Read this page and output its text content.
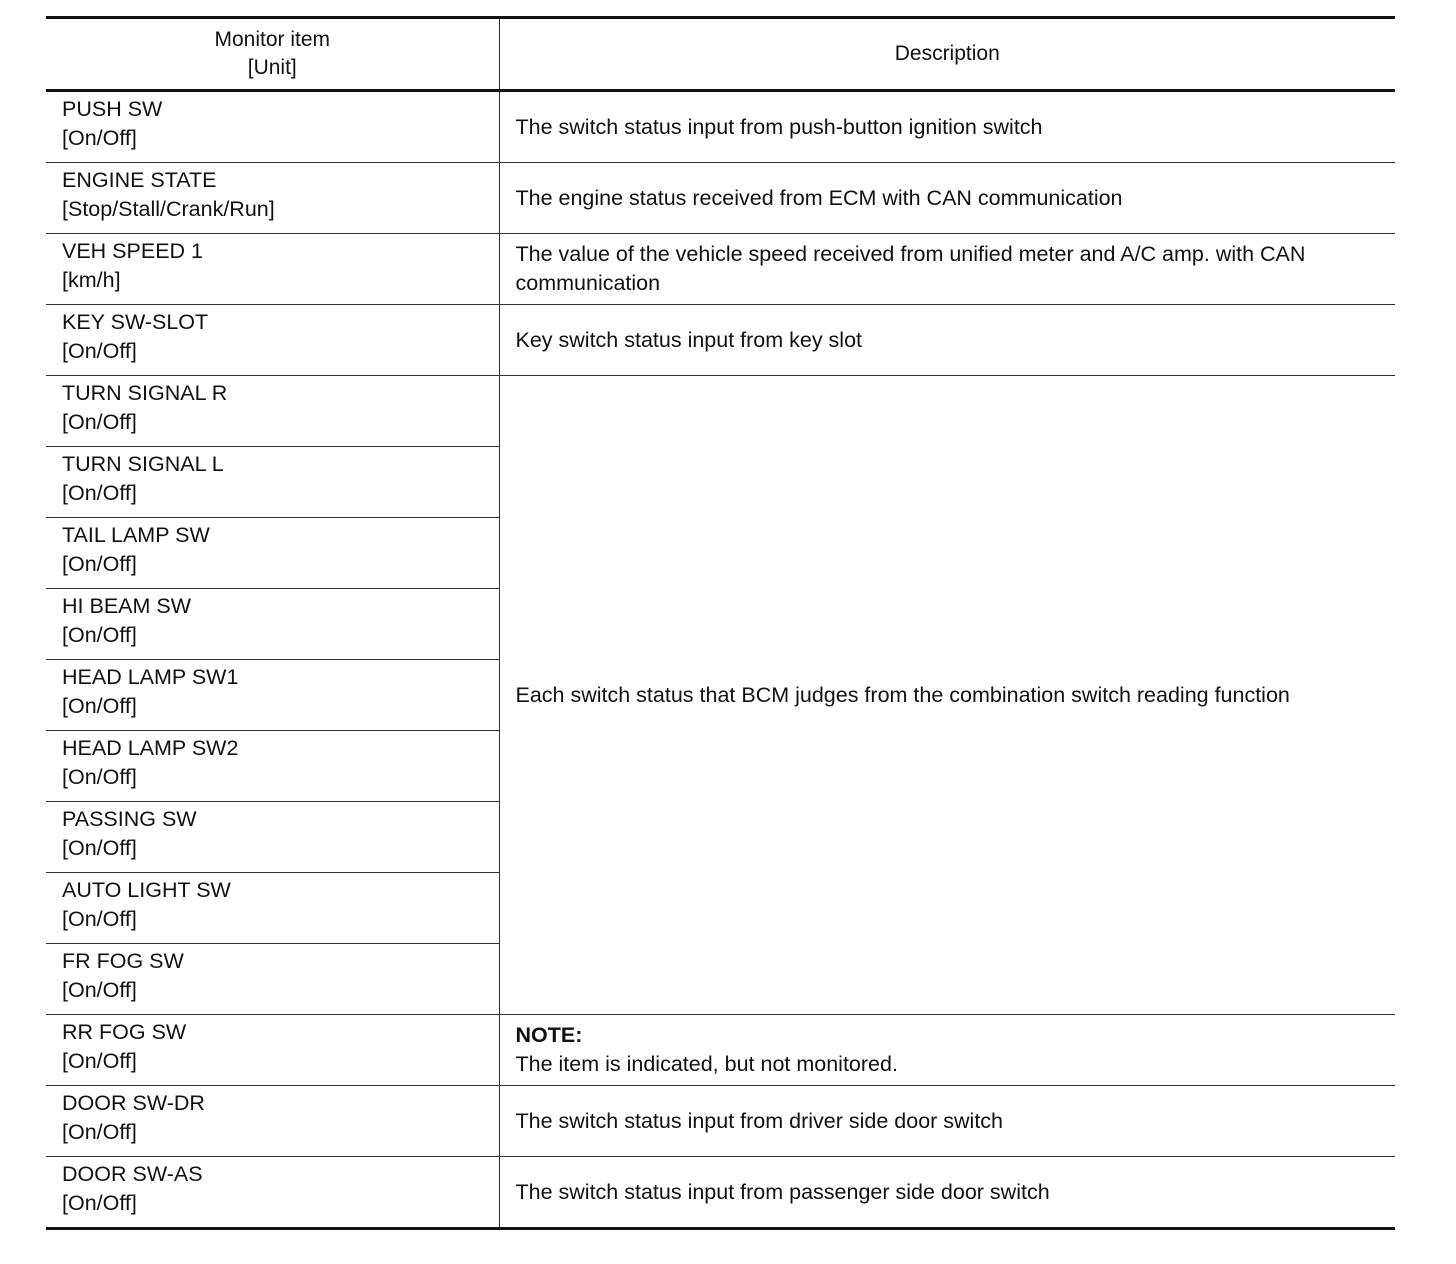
Monitor item
[Unit]	Description

PUSH SW
[On/Off]	The switch status input from push-button ignition switch

ENGINE STATE
[Stop/Stall/Crank/Run]	The engine status received from ECM with CAN communication

VEH SPEED 1
[km/h]	The value of the vehicle speed received from unified meter and A/C amp. with CAN communication

KEY SW-SLOT
[On/Off]	Key switch status input from key slot

TURN SIGNAL R
[On/Off]	Each switch status that BCM judges from the combination switch reading function

TURN SIGNAL L
[On/Off]	

TAIL LAMP SW
[On/Off]	

HI BEAM SW
[On/Off]	

HEAD LAMP SW1
[On/Off]	

HEAD LAMP SW2
[On/Off]	

PASSING SW
[On/Off]	

AUTO LIGHT SW
[On/Off]	

FR FOG SW
[On/Off]	

RR FOG SW
[On/Off]	NOTE:
The item is indicated, but not monitored.

DOOR SW-DR
[On/Off]	The switch status input from driver side door switch

DOOR SW-AS
[On/Off]	The switch status input from passenger side door switch
